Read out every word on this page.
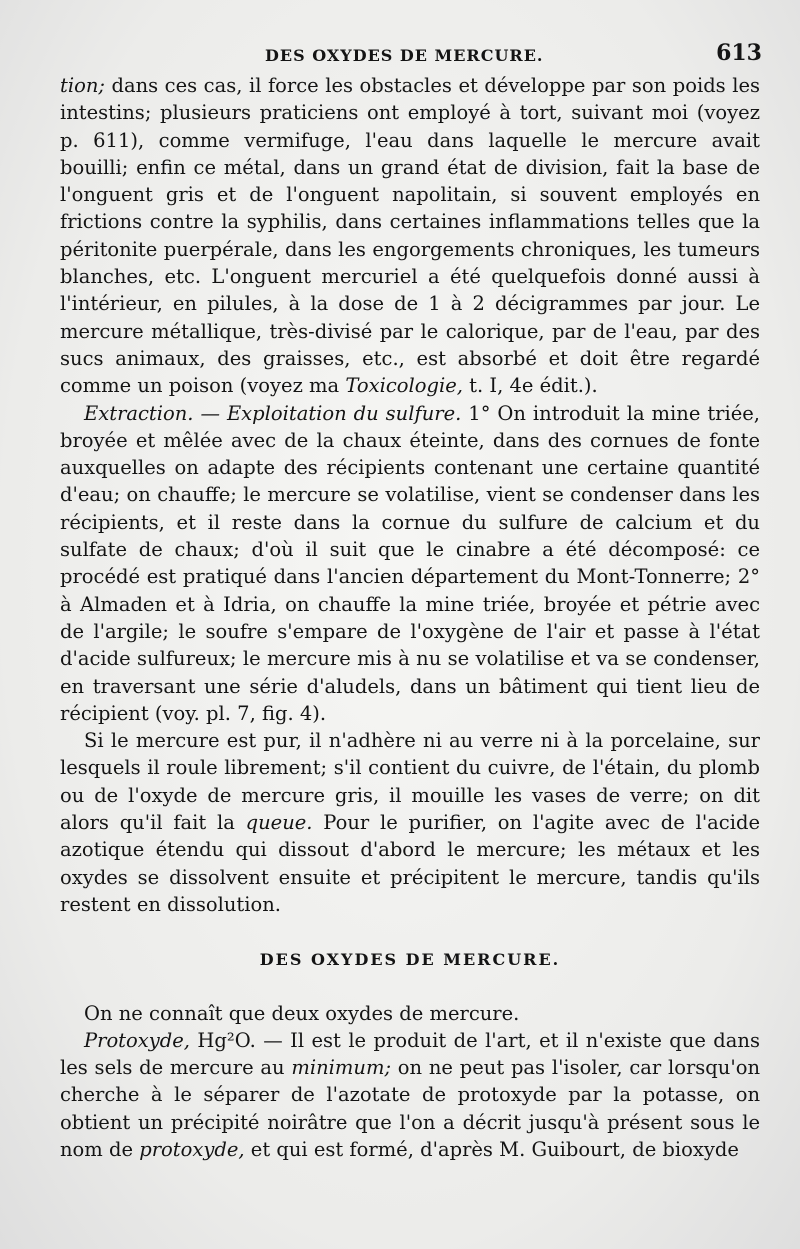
DES OXYDES DE MERCURE.	613

tion; dans ces cas, il force les obstacles et développe par son poids les intestins; plusieurs praticiens ont employé à tort, suivant moi (voyez p. 611), comme vermifuge, l'eau dans laquelle le mercure avait bouilli; enfin ce métal, dans un grand état de division, fait la base de l'onguent gris et de l'onguent napolitain, si souvent employés en frictions contre la syphilis, dans certaines inflammations telles que la péritonite puerpérale, dans les engorgements chroniques, les tumeurs blanches, etc. L'onguent mercuriel a été quelquefois donné aussi à l'intérieur, en pilules, à la dose de 1 à 2 décigrammes par jour. Le mercure métallique, très-divisé par le calorique, par de l'eau, par des sucs animaux, des graisses, etc., est absorbé et doit être regardé comme un poison (voyez ma Toxicologie, t. I, 4e édit.).

Extraction. — Exploitation du sulfure. 1° On introduit la mine triée, broyée et mêlée avec de la chaux éteinte, dans des cornues de fonte auxquelles on adapte des récipients contenant une certaine quantité d'eau; on chauffe; le mercure se volatilise, vient se condenser dans les récipients, et il reste dans la cornue du sulfure de calcium et du sulfate de chaux; d'où il suit que le cinabre a été décomposé: ce procédé est pratiqué dans l'ancien département du Mont-Tonnerre; 2° à Almaden et à Idria, on chauffe la mine triée, broyée et pétrie avec de l'argile; le soufre s'empare de l'oxygène de l'air et passe à l'état d'acide sulfureux; le mercure mis à nu se volatilise et va se condenser, en traversant une série d'aludels, dans un bâtiment qui tient lieu de récipient (voy. pl. 7, fig. 4).

Si le mercure est pur, il n'adhère ni au verre ni à la porcelaine, sur lesquels il roule librement; s'il contient du cuivre, de l'étain, du plomb ou de l'oxyde de mercure gris, il mouille les vases de verre; on dit alors qu'il fait la queue. Pour le purifier, on l'agite avec de l'acide azotique étendu qui dissout d'abord le mercure; les métaux et les oxydes se dissolvent ensuite et précipitent le mercure, tandis qu'ils restent en dissolution.

DES OXYDES DE MERCURE.

On ne connaît que deux oxydes de mercure.

Protoxyde, Hg²O. — Il est le produit de l'art, et il n'existe que dans les sels de mercure au minimum; on ne peut pas l'isoler, car lorsqu'on cherche à le séparer de l'azotate de protoxyde par la potasse, on obtient un précipité noirâtre que l'on a décrit jusqu'à présent sous le nom de protoxyde, et qui est formé, d'après M. Guibourt, de bioxyde
